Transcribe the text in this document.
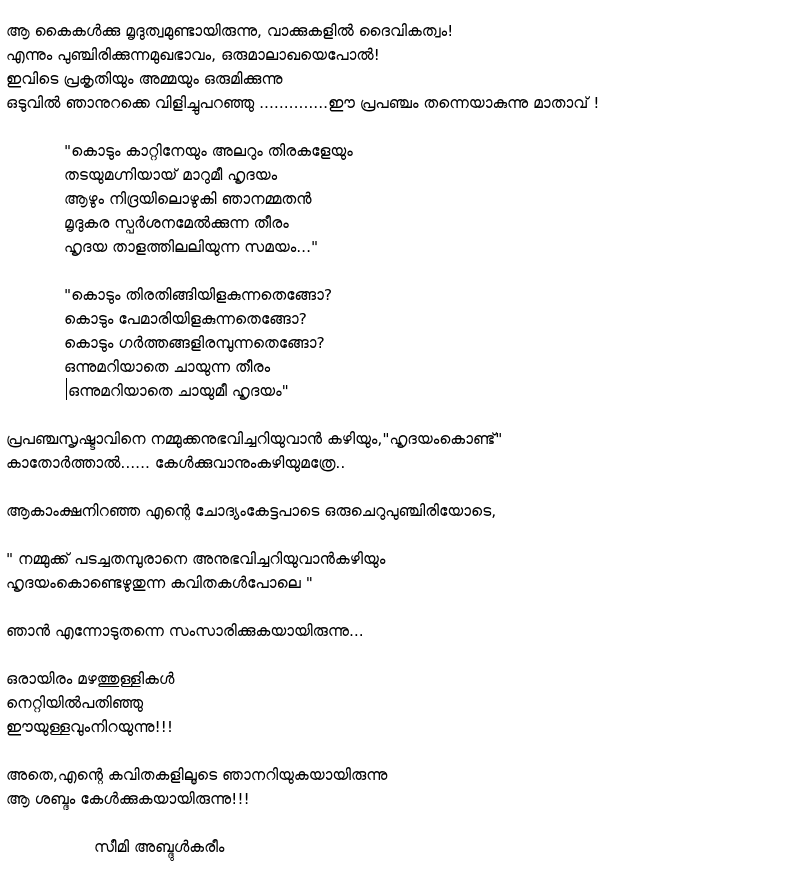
ആ കൈകൾക്കു മൃദുത്വമുണ്ടായിരുന്നു, വാക്കുകളിൽ ദൈവികത്വം!
എന്നും പുഞ്ചിരിക്കുന്നമുഖഭാവം, ഒരുമാലാഖയെപോൽ!
ഇവിടെ പ്രകൃതിയും അമ്മയും ഒരുമിക്കുന്നു
ഒടുവിൽ ഞാനുറക്കെ വിളിച്ചുപറഞ്ഞു ..............ഈ പ്രപഞ്ചം തന്നെയാകുന്നു മാതാവ് !
"കൊടും കാറ്റിനേയും അലറും തിരകളേയും
തടയുമഗ്നിയായ് മാറുമീ ഹൃദയം
ആഴും നിദ്രയിലൊഴുകി ഞാനമ്മതൻ
മൃദുകര സ്പർശനമേൽക്കുന്ന തീരം
ഹൃദയ താളത്തിലലിയുന്ന സമയം..."
"കൊടും തിരതിങ്ങിയിളകുന്നതെങ്ങോ?
കൊടും പേമാരിയിളകുന്നതെങ്ങോ?
കൊടും ഗർത്തങ്ങളിരമ്പുന്നതെങ്ങോ?
ഒന്നുമറിയാതെ ചായുന്ന തീരം
ഒന്നുമറിയാതെ ചായുമീ ഹൃദയം"
പ്രപഞ്ചസൃഷ്ടാവിനെ നമ്മുക്കനുഭവിച്ചറിയുവാൻ കഴിയും,"ഹൃദയംകൊണ്ട്"
കാതോർത്താൽ...... കേൾക്കുവാനുംകഴിയുമത്രേ..
ആകാംക്ഷനിറഞ്ഞ എന്റെ ചോദ്യംകേട്ടപാടെ ഒരുചെറുപുഞ്ചിരിയോടെ,
" നമ്മുക്ക് പടച്ചതമ്പുരാനെ അനുഭവിച്ചറിയുവാൻകഴിയും
ഹൃദയംകൊണ്ടെഴുതുന്ന കവിതകൾപോലെ "
ഞാൻ എന്നോടുതന്നെ സംസാരിക്കുകയായിരുന്നു...
ഒരായിരം മഴത്തുള്ളികൾ
നെറ്റിയിൽപതിഞ്ഞു
ഈയുള്ളവുംനിറയുന്നു!!!
അതെ,എന്റെ കവിതകളിലൂടെ ഞാനറിയുകയായിരുന്നു
ആ ശബ്ദം കേൾക്കുകയായിരുന്നു!!!
സീമി അബ്ദുൾകരീം
